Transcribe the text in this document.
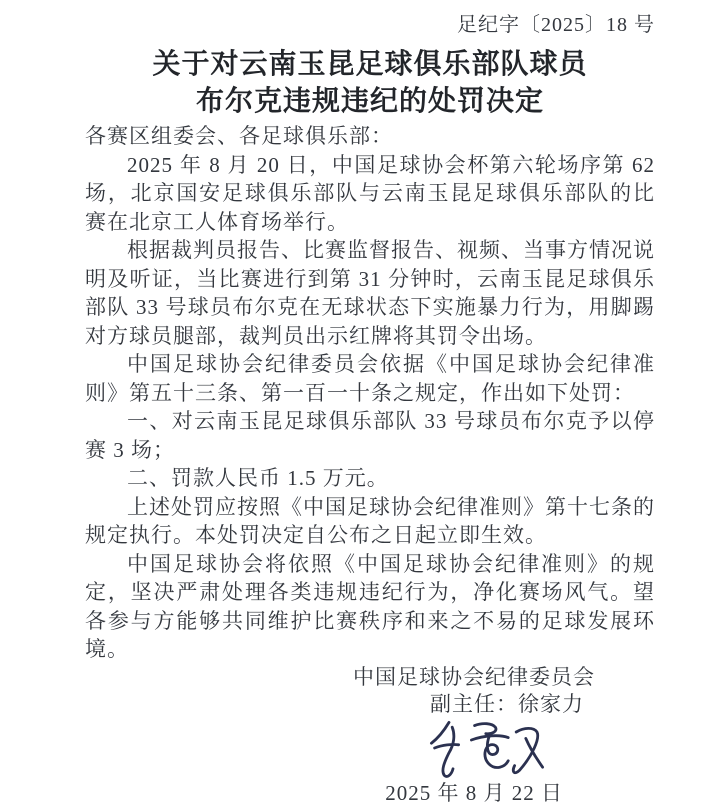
足纪字〔2025〕18 号
关于对云南玉昆足球俱乐部队球员
布尔克违规违纪的处罚决定

各赛区组委会、各足球俱乐部：

2025 年 8 月 20 日，中国足球协会杯第六轮场序第 62 场，北京国安足球俱乐部队与云南玉昆足球俱乐部队的比赛在北京工人体育场举行。

根据裁判员报告、比赛监督报告、视频、当事方情况说明及听证，当比赛进行到第 31 分钟时，云南玉昆足球俱乐部队 33 号球员布尔克在无球状态下实施暴力行为，用脚踢对方球员腿部，裁判员出示红牌将其罚令出场。

中国足球协会纪律委员会依据《中国足球协会纪律准则》第五十三条、第一百一十条之规定，作出如下处罚：

一、对云南玉昆足球俱乐部队 33 号球员布尔克予以停赛 3 场；

二、罚款人民币 1.5 万元。

上述处罚应按照《中国足球协会纪律准则》第十七条的规定执行。本处罚决定自公布之日起立即生效。

中国足球协会将依照《中国足球协会纪律准则》的规定，坚决严肃处理各类违规违纪行为，净化赛场风气。望各参与方能够共同维护比赛秩序和来之不易的足球发展环境。

中国足球协会纪律委员会
副主任：徐家力
2025 年 8 月 22 日
